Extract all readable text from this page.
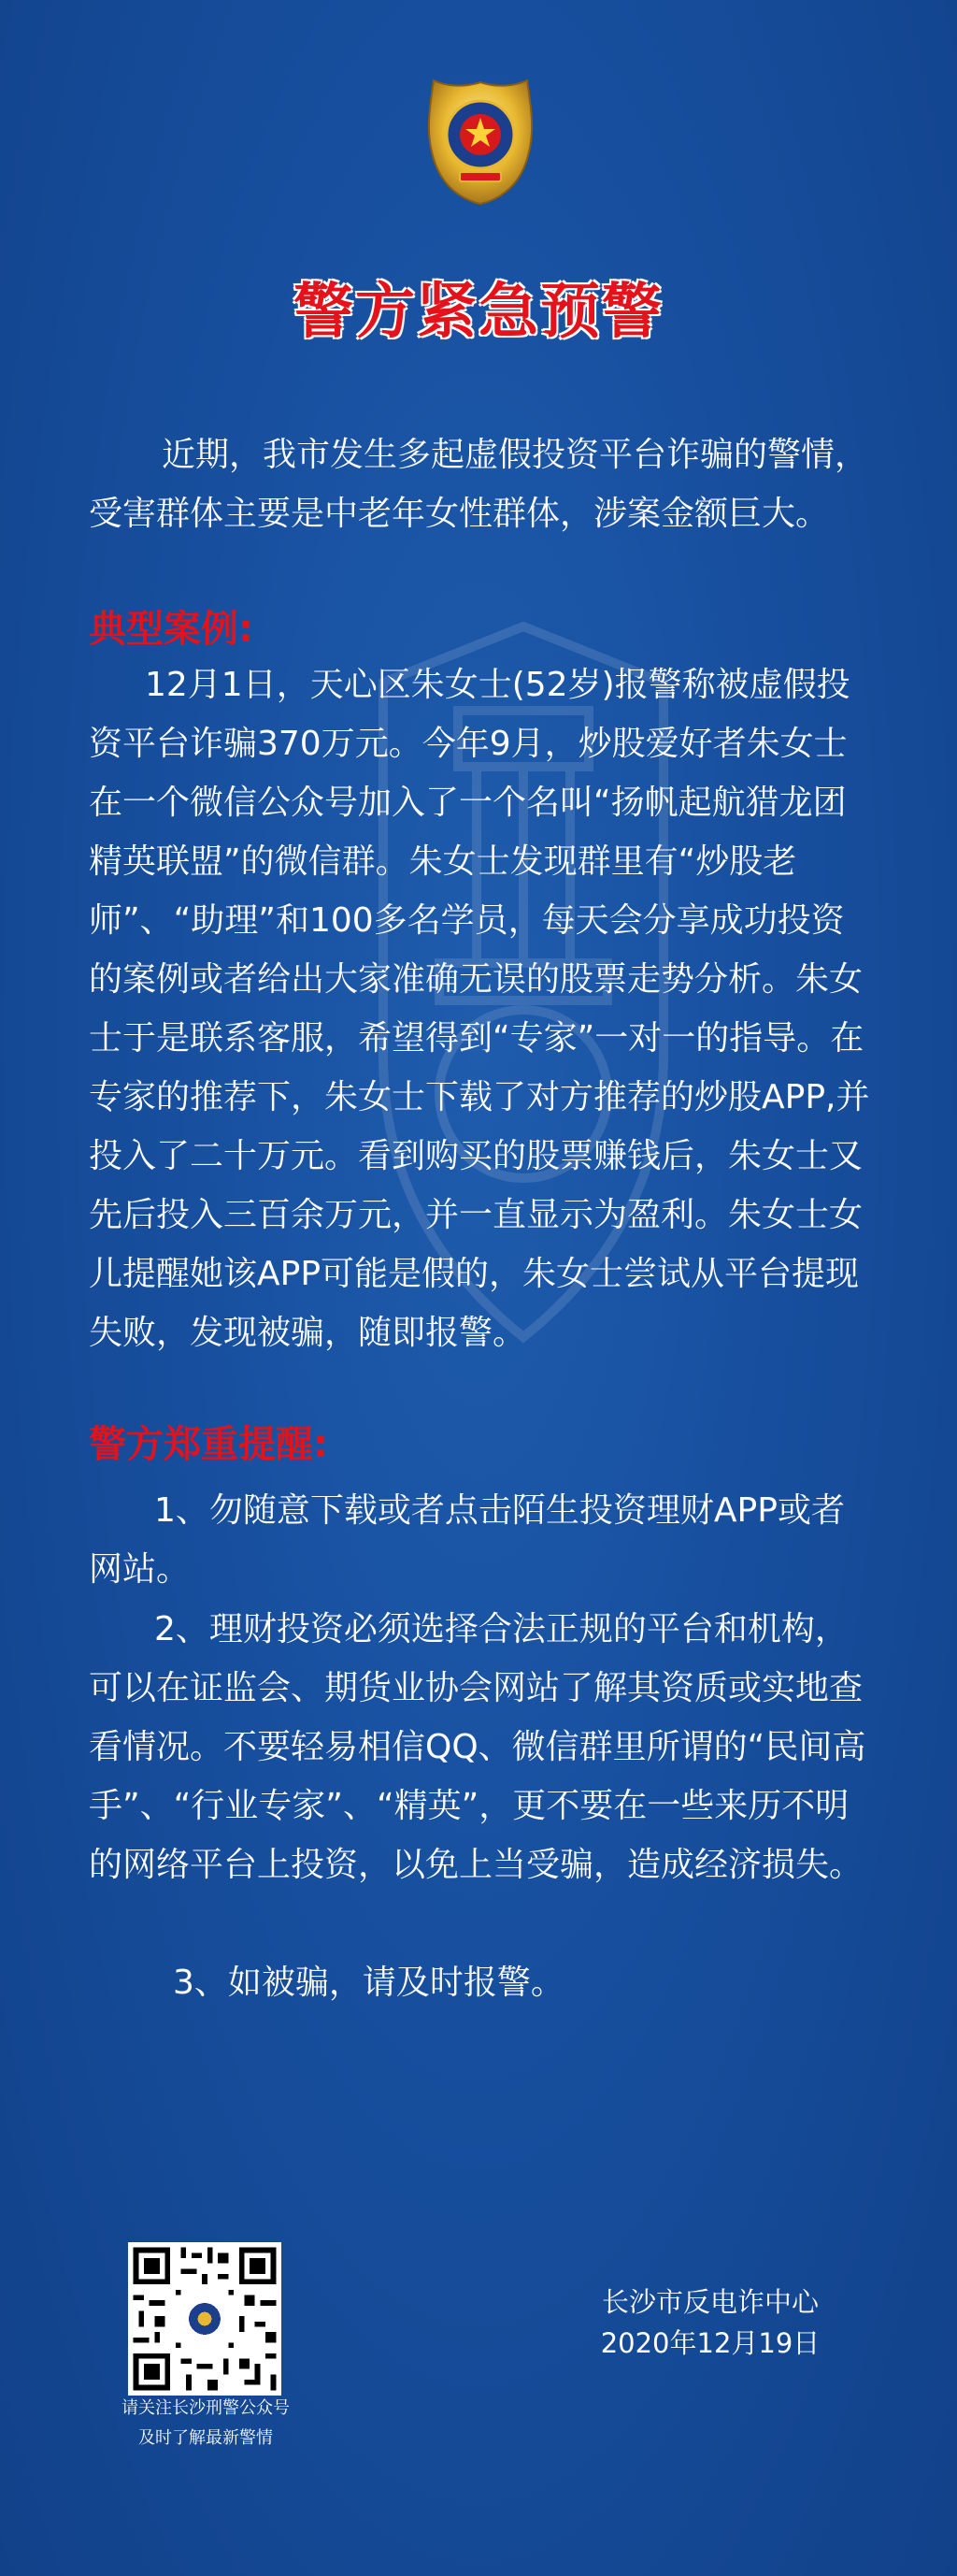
警方紧急预警

近期，我市发生多起虚假投资平台诈骗的警情，受害群体主要是中老年女性群体，涉案金额巨大。

典型案例:

12月1日，天心区朱女士(52岁)报警称被虚假投资平台诈骗370万元。今年9月，炒股爱好者朱女士在一个微信公众号加入了一个名叫“扬帆起航猎龙团精英联盟”的微信群。朱女士发现群里有“炒股老师”、“助理”和100多名学员，每天会分享成功投资的案例或者给出大家准确无误的股票走势分析。朱女士于是联系客服，希望得到“专家”一对一的指导。在专家的推荐下，朱女士下载了对方推荐的炒股APP,并投入了二十万元。看到购买的股票赚钱后，朱女士又先后投入三百余万元，并一直显示为盈利。朱女士女儿提醒她该APP可能是假的，朱女士尝试从平台提现失败，发现被骗，随即报警。

警方郑重提醒:

1、勿随意下载或者点击陌生投资理财APP或者网站。

2、理财投资必须选择合法正规的平台和机构，可以在证监会、期货业协会网站了解其资质或实地查看情况。不要轻易相信QQ、微信群里所谓的“民间高手”、“行业专家”、“精英”，更不要在一些来历不明的网络平台上投资，以免上当受骗，造成经济损失。

3、如被骗，请及时报警。

请关注长沙刑警公众号
及时了解最新警情
长沙市反电诈中心
2020年12月19日
